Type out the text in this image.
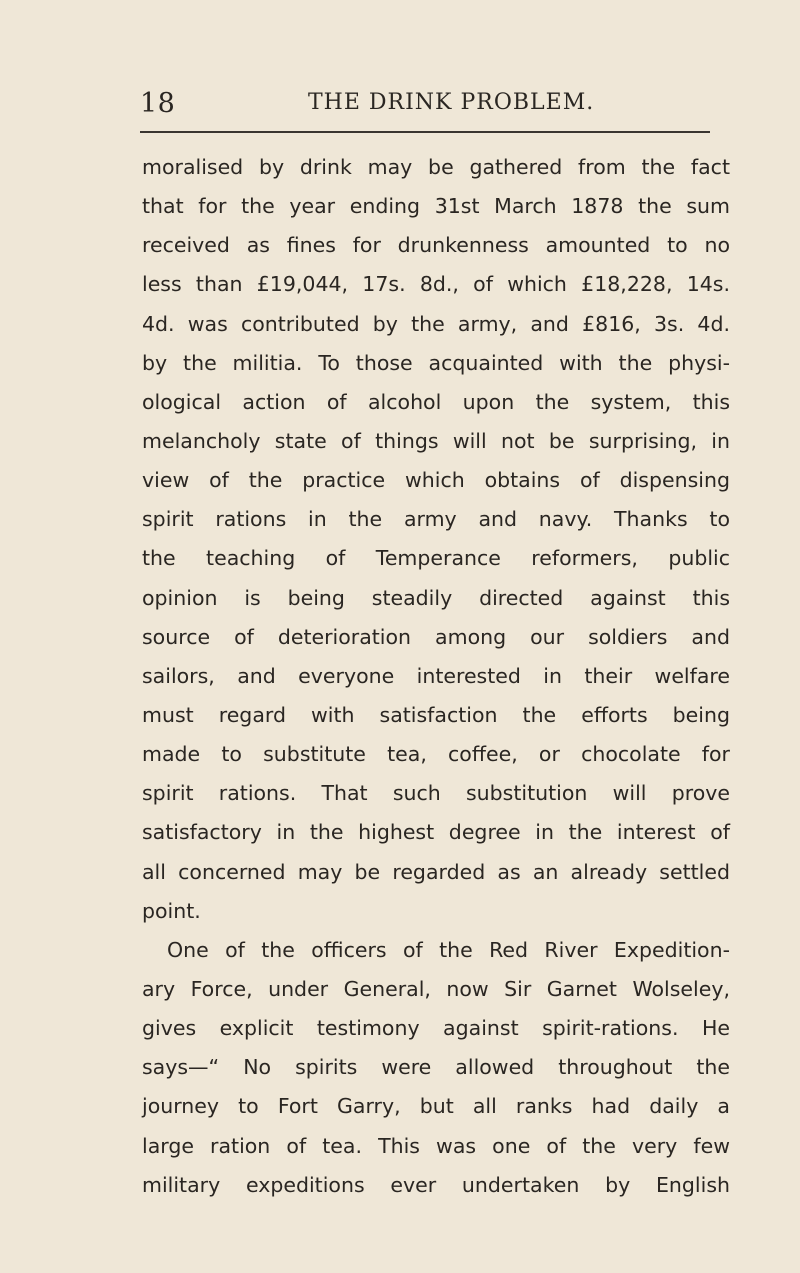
18	THE DRINK PROBLEM.
moralised by drink may be gathered from the fact
that for the year ending 31st March 1878 the sum
received as fines for drunkenness amounted to no
less than £19,044, 17s. 8d., of which £18,228, 14s.
4d. was contributed by the army, and £816, 3s. 4d.
by the militia. To those acquainted with the physi-
ological action of alcohol upon the system, this
melancholy state of things will not be surprising, in
view of the practice which obtains of dispensing
spirit rations in the army and navy. Thanks to
the teaching of Temperance reformers, public
opinion is being steadily directed against this
source of deterioration among our soldiers and
sailors, and everyone interested in their welfare
must regard with satisfaction the efforts being
made to substitute tea, coffee, or chocolate for
spirit rations. That such substitution will prove
satisfactory in the highest degree in the interest of
all concerned may be regarded as an already settled
point.
One of the officers of the Red River Expedition-
ary Force, under General, now Sir Garnet Wolseley,
gives explicit testimony against spirit-rations. He
says—“ No spirits were allowed throughout the
journey to Fort Garry, but all ranks had daily a
large ration of tea. This was one of the very few
military expeditions ever undertaken by English
